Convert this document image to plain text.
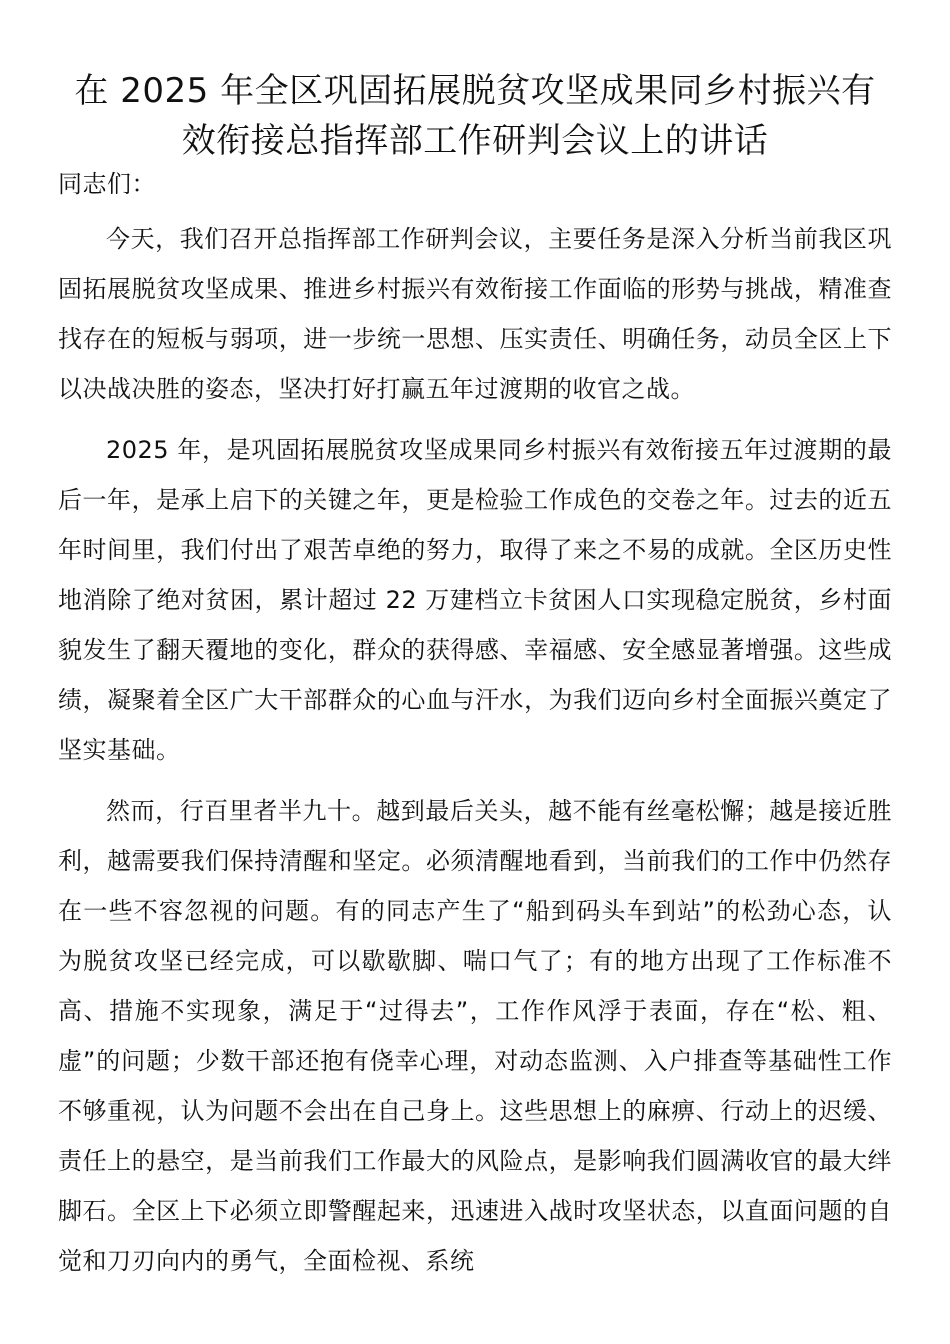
在 2025 年全区巩固拓展脱贫攻坚成果同乡村振兴有效衔接总指挥部工作研判会议上的讲话

同志们：

今天，我们召开总指挥部工作研判会议，主要任务是深入分析当前我区巩固拓展脱贫攻坚成果、推进乡村振兴有效衔接工作面临的形势与挑战，精准查找存在的短板与弱项，进一步统一思想、压实责任、明确任务，动员全区上下以决战决胜的姿态，坚决打好打赢五年过渡期的收官之战。

2025 年，是巩固拓展脱贫攻坚成果同乡村振兴有效衔接五年过渡期的最后一年，是承上启下的关键之年，更是检验工作成色的交卷之年。过去的近五年时间里，我们付出了艰苦卓绝的努力，取得了来之不易的成就。全区历史性地消除了绝对贫困，累计超过 22 万建档立卡贫困人口实现稳定脱贫，乡村面貌发生了翻天覆地的变化，群众的获得感、幸福感、安全感显著增强。这些成绩，凝聚着全区广大干部群众的心血与汗水，为我们迈向乡村全面振兴奠定了坚实基础。

然而，行百里者半九十。越到最后关头，越不能有丝毫松懈；越是接近胜利，越需要我们保持清醒和坚定。必须清醒地看到，当前我们的工作中仍然存在一些不容忽视的问题。有的同志产生了“船到码头车到站”的松劲心态，认为脱贫攻坚已经完成，可以歇歇脚、喘口气了；有的地方出现了工作标准不高、措施不实现象，满足于“过得去”，工作作风浮于表面，存在“松、粗、虚”的问题；少数干部还抱有侥幸心理，对动态监测、入户排查等基础性工作不够重视，认为问题不会出在自己身上。这些思想上的麻痹、行动上的迟缓、责任上的悬空，是当前我们工作最大的风险点，是影响我们圆满收官的最大绊脚石。全区上下必须立即警醒起来，迅速进入战时攻坚状态，以直面问题的自觉和刀刃向内的勇气，全面检视、系统
